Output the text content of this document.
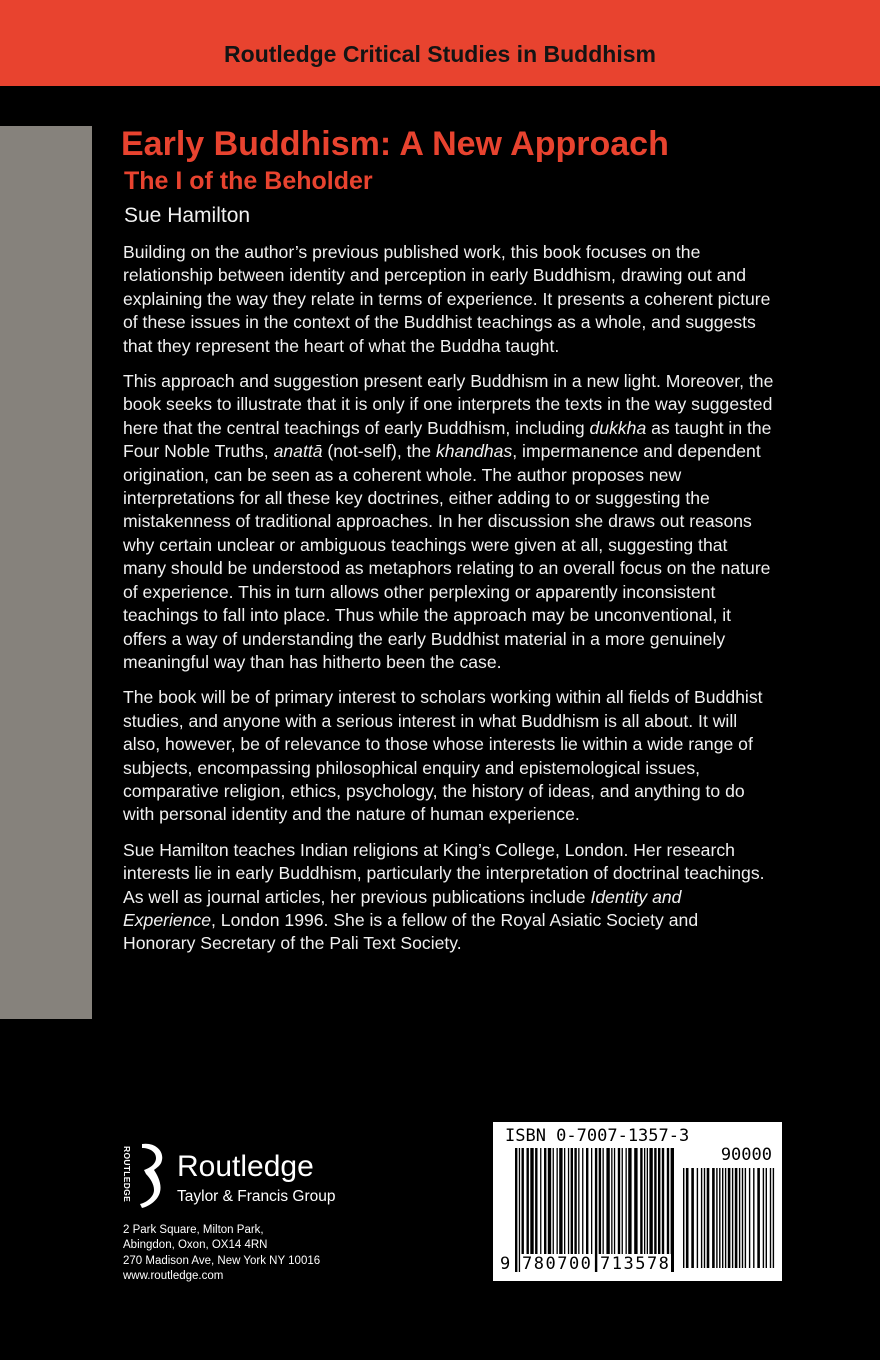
Routledge Critical Studies in Buddhism
Early Buddhism: A New Approach
The I of the Beholder
Sue Hamilton

Building on the author’s previous published work, this book focuses on the relationship between identity and perception in early Buddhism, drawing out and explaining the way they relate in terms of experience. It presents a coherent picture of these issues in the context of the Buddhist teachings as a whole, and suggests that they represent the heart of what the Buddha taught.

This approach and suggestion present early Buddhism in a new light. Moreover, the book seeks to illustrate that it is only if one interprets the texts in the way suggested here that the central teachings of early Buddhism, including dukkha as taught in the Four Noble Truths, anattā (not-self), the khandhas, impermanence and dependent origination, can be seen as a coherent whole. The author proposes new interpretations for all these key doctrines, either adding to or suggesting the mistakenness of traditional approaches. In her discussion she draws out reasons why certain unclear or ambiguous teachings were given at all, suggesting that many should be understood as metaphors relating to an overall focus on the nature of experience. This in turn allows other perplexing or apparently inconsistent teachings to fall into place. Thus while the approach may be unconventional, it offers a way of understanding the early Buddhist material in a more genuinely meaningful way than has hitherto been the case.

The book will be of primary interest to scholars working within all fields of Buddhist studies, and anyone with a serious interest in what Buddhism is all about. It will also, however, be of relevance to those whose interests lie within a wide range of subjects, encompassing philosophical enquiry and epistemological issues, comparative religion, ethics, psychology, the history of ideas, and anything to do with personal identity and the nature of human experience.

Sue Hamilton teaches Indian religions at King’s College, London. Her research interests lie in early Buddhism, particularly the interpretation of doctrinal teachings. As well as journal articles, her previous publications include Identity and Experience, London 1996. She is a fellow of the Royal Asiatic Society and Honorary Secretary of the Pali Text Society.

ROUTLEDGE Routledge
Taylor & Francis Group
2 Park Square, Milton Park,
Abingdon, Oxon, OX14 4RN
270 Madison Ave, New York NY 10016
www.routledge.com
ISBN 0-7007-1357-3
90000
9 780700 713578
